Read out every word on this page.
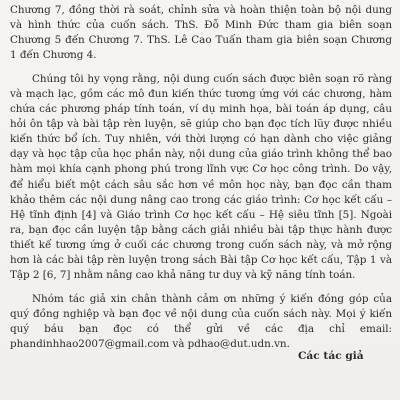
Chương 7, đồng thời rà soát, chỉnh sửa và hoàn thiện toàn bộ nội dung và hình thức của cuốn sách. ThS. Đỗ Minh Đức tham gia biên soạn Chương 5 đến Chương 7. ThS. Lê Cao Tuấn tham gia biên soạn Chương 1 đến Chương 4.

Chúng tôi hy vọng rằng, nội dung cuốn sách được biên soạn rõ ràng và mạch lạc, gồm các mô đun kiến thức tương ứng với các chương, hàm chứa các phương pháp tính toán, ví dụ minh họa, bài toán áp dụng, câu hỏi ôn tập và bài tập rèn luyện, sẽ giúp cho bạn đọc tích lũy được nhiều kiến thức bổ ích. Tuy nhiên, với thời lượng có hạn dành cho việc giảng dạy và học tập của học phần này, nội dung của giáo trình không thể bao hàm mọi khía cạnh phong phú trong lĩnh vực Cơ học công trình. Do vậy, để hiểu biết một cách sâu sắc hơn về môn học này, bạn đọc cần tham khảo thêm các nội dung nâng cao trong các giáo trình: Cơ học kết cấu – Hệ tĩnh định [4] và Giáo trình Cơ học kết cấu – Hệ siêu tĩnh [5]. Ngoài ra, bạn đọc cần luyện tập bằng cách giải nhiều bài tập thực hành được thiết kế tương ứng ở cuối các chương trong cuốn sách này, và mở rộng hơn là các bài tập rèn luyện trong sách Bài tập Cơ học kết cấu, Tập 1 và Tập 2 [6, 7] nhằm nâng cao khả năng tư duy và kỹ năng tính toán.

Nhóm tác giả xin chân thành cảm ơn những ý kiến đóng góp của quý đồng nghiệp và bạn đọc về nội dung của cuốn sách này. Mọi ý kiến quý báu bạn đọc có thể gửi về các địa chỉ email: phandinhhao2007@gmail.com và pdhao@dut.udn.vn.

Các tác giả
